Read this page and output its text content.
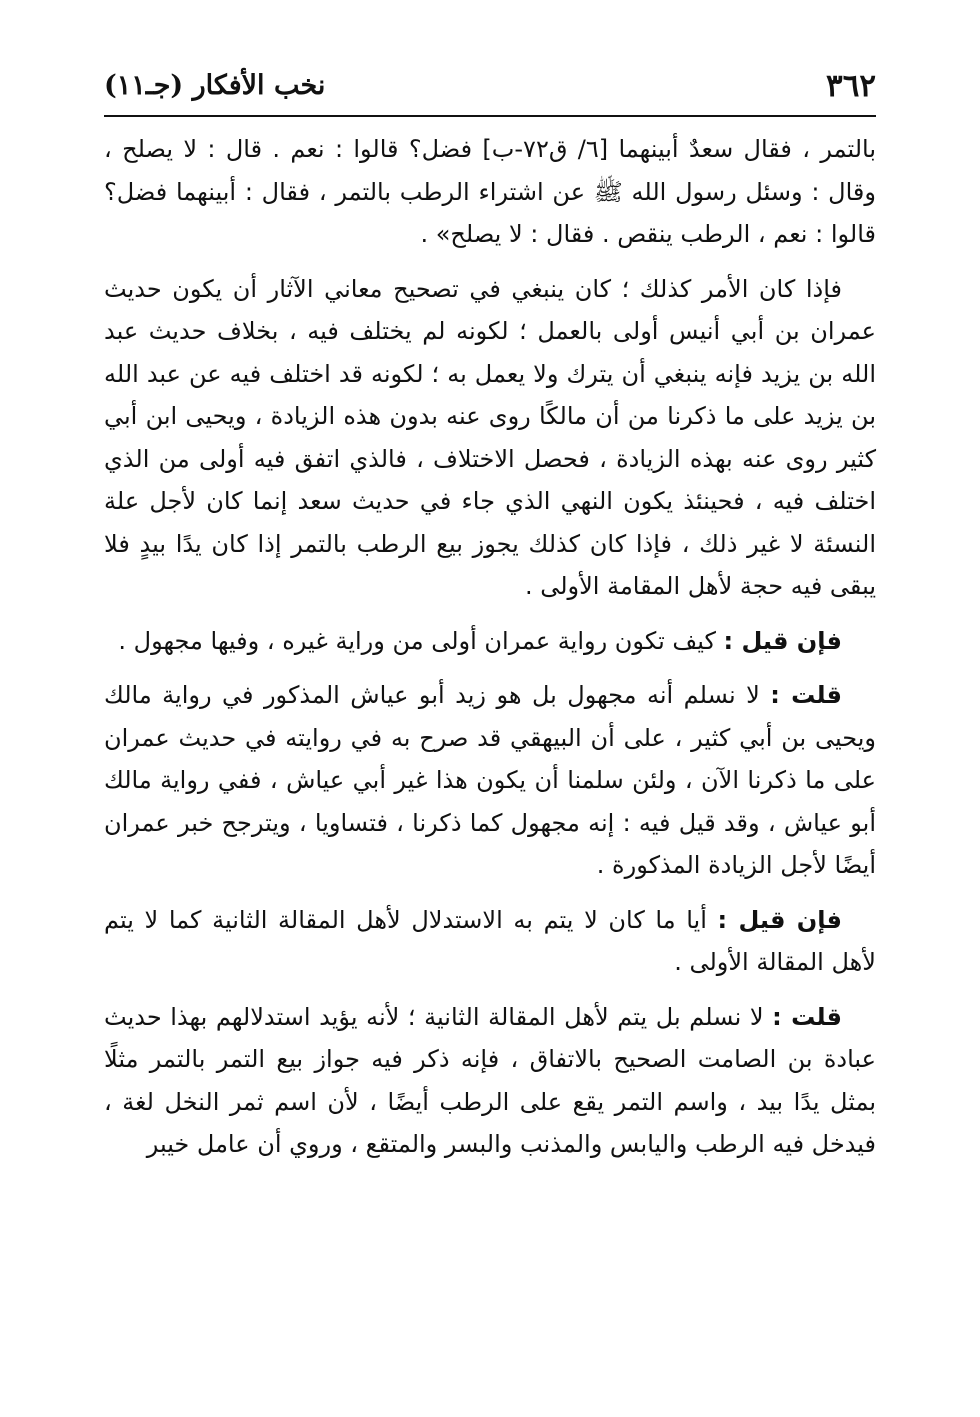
٣٦٢
نخب الأفكار (جـ١١)

بالتمر ، فقال سعدٌ أبينهما [٦/ ق٧٢-ب] فضل؟ قالوا : نعم . قال : لا يصلح ، وقال : وسئل رسول الله ﷺ عن اشتراء الرطب بالتمر ، فقال : أبينهما فضل؟ قالوا : نعم ، الرطب ينقص . فقال : لا يصلح» .

فإذا كان الأمر كذلك ؛ كان ينبغي في تصحيح معاني الآثار أن يكون حديث عمران بن أبي أنيس أولى بالعمل ؛ لكونه لم يختلف فيه ، بخلاف حديث عبد الله بن يزيد فإنه ينبغي أن يترك ولا يعمل به ؛ لكونه قد اختلف فيه عن عبد الله بن يزيد على ما ذكرنا من أن مالكًا روى عنه بدون هذه الزيادة ، ويحيى ابن أبي كثير روى عنه بهذه الزيادة ، فحصل الاختلاف ، فالذي اتفق فيه أولى من الذي اختلف فيه ، فحينئذ يكون النهي الذي جاء في حديث سعد إنما كان لأجل علة النسئة لا غير ذلك ، فإذا كان كذلك يجوز بيع الرطب بالتمر إذا كان يدًا بيدٍ فلا يبقى فيه حجة لأهل المقامة الأولى .

فإن قيل : كيف تكون رواية عمران أولى من وراية غيره ، وفيها مجهول .

قلت : لا نسلم أنه مجهول بل هو زيد أبو عياش المذكور في رواية مالك ويحيى بن أبي كثير ، على أن البيهقي قد صرح به في روايته في حديث عمران على ما ذكرنا الآن ، ولئن سلمنا أن يكون هذا غير أبي عياش ، ففي رواية مالك أبو عياش ، وقد قيل فيه : إنه مجهول كما ذكرنا ، فتساويا ، ويترجح خبر عمران أيضًا لأجل الزيادة المذكورة .

فإن قيل : أيا ما كان لا يتم به الاستدلال لأهل المقالة الثانية كما لا يتم لأهل المقالة الأولى .

قلت : لا نسلم بل يتم لأهل المقالة الثانية ؛ لأنه يؤيد استدلالهم بهذا حديث عبادة بن الصامت الصحيح بالاتفاق ، فإنه ذكر فيه جواز بيع التمر بالتمر مثلًا بمثل يدًا بيد ، واسم التمر يقع على الرطب أيضًا ، لأن اسم ثمر النخل لغة ، فيدخل فيه الرطب واليابس والمذنب والبسر والمتقع ، وروي أن عامل خيبر
